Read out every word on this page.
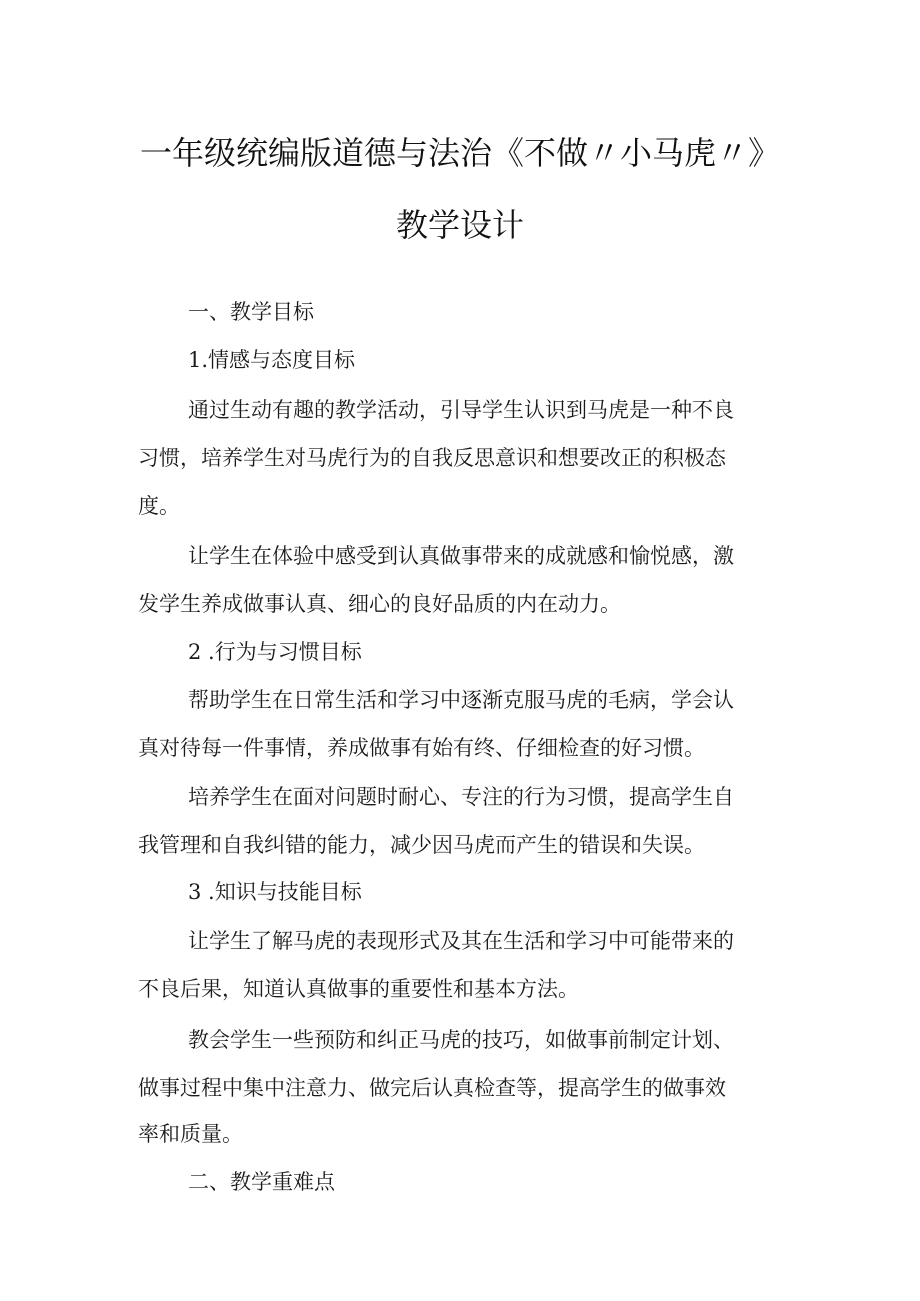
一年级统编版道德与法治《不做〃小马虎〃》
教学设计
一、教学目标
1.情感与态度目标
通过生动有趣的教学活动，引导学生认识到马虎是一种不良
习惯，培养学生对马虎行为的自我反思意识和想要改正的积极态
度。
让学生在体验中感受到认真做事带来的成就感和愉悦感，激
发学生养成做事认真、细心的良好品质的内在动力。
2 .行为与习惯目标
帮助学生在日常生活和学习中逐渐克服马虎的毛病，学会认
真对待每一件事情，养成做事有始有终、仔细检查的好习惯。
培养学生在面对问题时耐心、专注的行为习惯，提高学生自
我管理和自我纠错的能力，减少因马虎而产生的错误和失误。
3 .知识与技能目标
让学生了解马虎的表现形式及其在生活和学习中可能带来的
不良后果，知道认真做事的重要性和基本方法。
教会学生一些预防和纠正马虎的技巧，如做事前制定计划、
做事过程中集中注意力、做完后认真检查等，提高学生的做事效
率和质量。
二、教学重难点
